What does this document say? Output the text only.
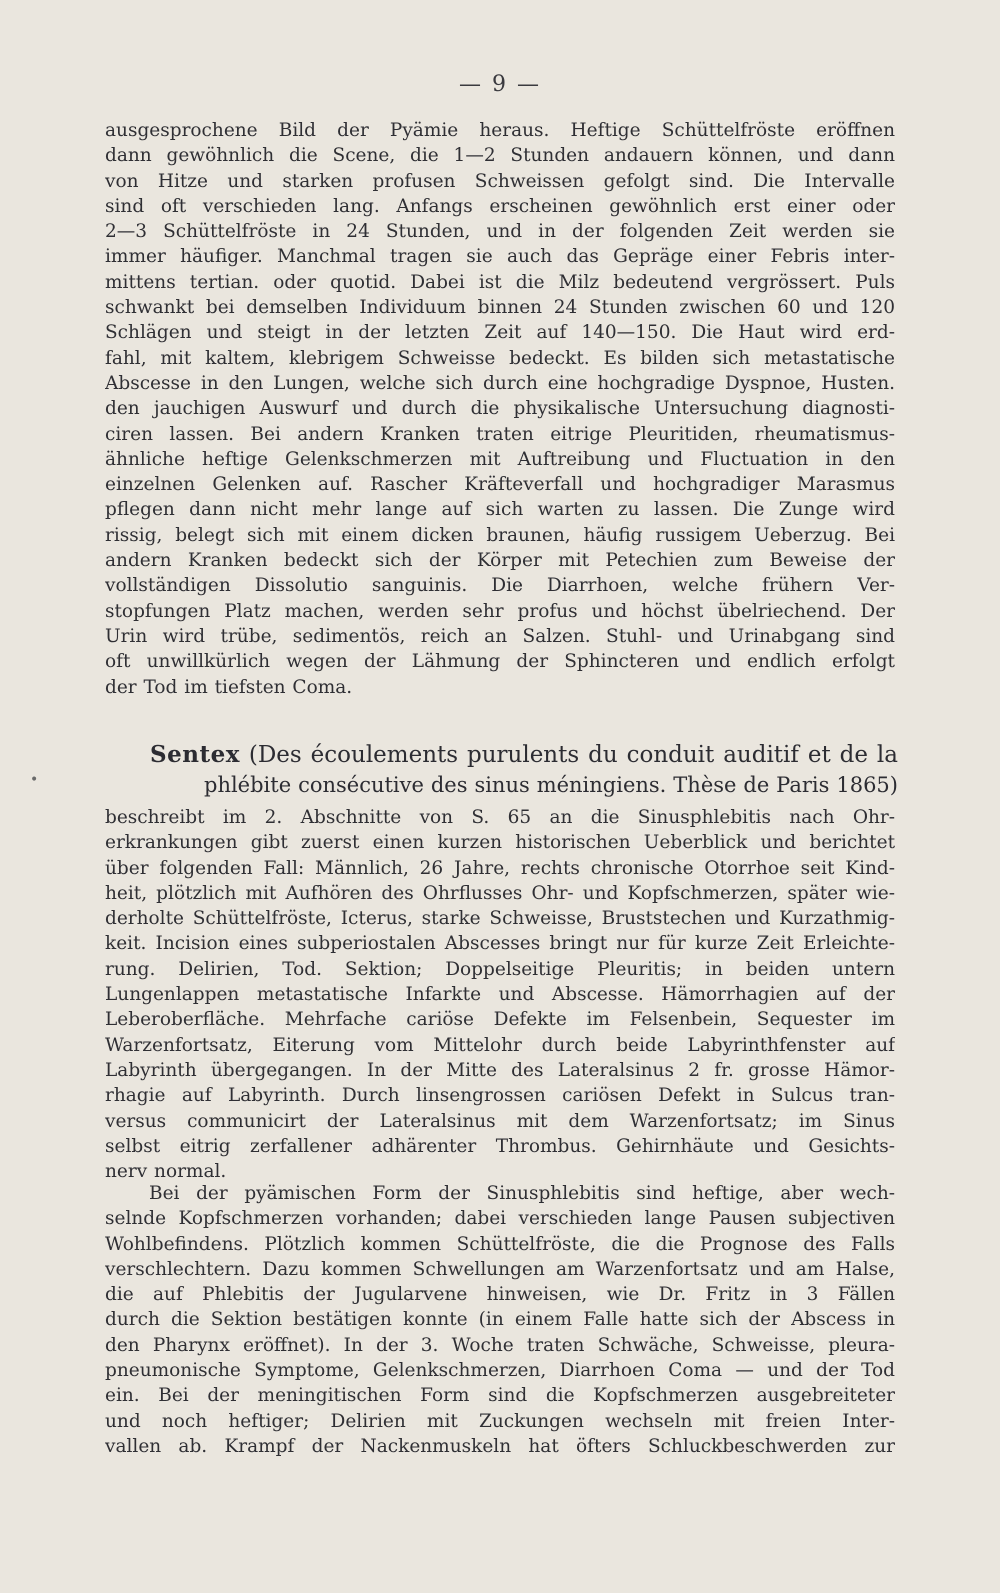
— 9 —
ausgesprochene Bild der Pyämie heraus. Heftige Schüttelfröste eröffnen
dann gewöhnlich die Scene, die 1—2 Stunden andauern können, und dann
von Hitze und starken profusen Schweissen gefolgt sind. Die Intervalle
sind oft verschieden lang. Anfangs erscheinen gewöhnlich erst einer oder
2—3 Schüttelfröste in 24 Stunden, und in der folgenden Zeit werden sie
immer häufiger. Manchmal tragen sie auch das Gepräge einer Febris inter-
mittens tertian. oder quotid. Dabei ist die Milz bedeutend vergrössert. Puls
schwankt bei demselben Individuum binnen 24 Stunden zwischen 60 und 120
Schlägen und steigt in der letzten Zeit auf 140—150. Die Haut wird erd-
fahl, mit kaltem, klebrigem Schweisse bedeckt. Es bilden sich metastatische
Abscesse in den Lungen, welche sich durch eine hochgradige Dyspnoe, Husten.
den jauchigen Auswurf und durch die physikalische Untersuchung diagnosti-
ciren lassen. Bei andern Kranken traten eitrige Pleuritiden, rheumatismus-
ähnliche heftige Gelenkschmerzen mit Auftreibung und Fluctuation in den
einzelnen Gelenken auf. Rascher Kräfteverfall und hochgradiger Marasmus
pflegen dann nicht mehr lange auf sich warten zu lassen. Die Zunge wird
rissig, belegt sich mit einem dicken braunen, häufig russigem Ueberzug. Bei
andern Kranken bedeckt sich der Körper mit Petechien zum Beweise der
vollständigen Dissolutio sanguinis. Die Diarrhoen, welche frühern Ver-
stopfungen Platz machen, werden sehr profus und höchst übelriechend. Der
Urin wird trübe, sedimentös, reich an Salzen. Stuhl- und Urinabgang sind
oft unwillkürlich wegen der Lähmung der Sphincteren und endlich erfolgt
der Tod im tiefsten Coma.
Sentex (Des écoulements purulents du conduit auditif et de la
phlébite consécutive des sinus méningiens. Thèse de Paris 1865)
•
beschreibt im 2. Abschnitte von S. 65 an die Sinusphlebitis nach Ohr-
erkrankungen gibt zuerst einen kurzen historischen Ueberblick und berichtet
über folgenden Fall: Männlich, 26 Jahre, rechts chronische Otorrhoe seit Kind-
heit, plötzlich mit Aufhören des Ohrflusses Ohr- und Kopfschmerzen, später wie-
derholte Schüttelfröste, Icterus, starke Schweisse, Bruststechen und Kurzathmig-
keit. Incision eines subperiostalen Abscesses bringt nur für kurze Zeit Erleichte-
rung. Delirien, Tod. Sektion; Doppelseitige Pleuritis; in beiden untern
Lungenlappen metastatische Infarkte und Abscesse. Hämorrhagien auf der
Leberoberfläche. Mehrfache cariöse Defekte im Felsenbein, Sequester im
Warzenfortsatz, Eiterung vom Mittelohr durch beide Labyrinthfenster auf
Labyrinth übergegangen. In der Mitte des Lateralsinus 2 fr. grosse Hämor-
rhagie auf Labyrinth. Durch linsengrossen cariösen Defekt in Sulcus tran-
versus communicirt der Lateralsinus mit dem Warzenfortsatz; im Sinus
selbst eitrig zerfallener adhärenter Thrombus. Gehirnhäute und Gesichts-
nerv normal.
Bei der pyämischen Form der Sinusphlebitis sind heftige, aber wech-
selnde Kopfschmerzen vorhanden; dabei verschieden lange Pausen subjectiven
Wohlbefindens. Plötzlich kommen Schüttelfröste, die die Prognose des Falls
verschlechtern. Dazu kommen Schwellungen am Warzenfortsatz und am Halse,
die auf Phlebitis der Jugularvene hinweisen, wie Dr. Fritz in 3 Fällen
durch die Sektion bestätigen konnte (in einem Falle hatte sich der Abscess in
den Pharynx eröffnet). In der 3. Woche traten Schwäche, Schweisse, pleura-
pneumonische Symptome, Gelenkschmerzen, Diarrhoen Coma — und der Tod
ein. Bei der meningitischen Form sind die Kopfschmerzen ausgebreiteter
und noch heftiger; Delirien mit Zuckungen wechseln mit freien Inter-
vallen ab. Krampf der Nackenmuskeln hat öfters Schluckbeschwerden zur
